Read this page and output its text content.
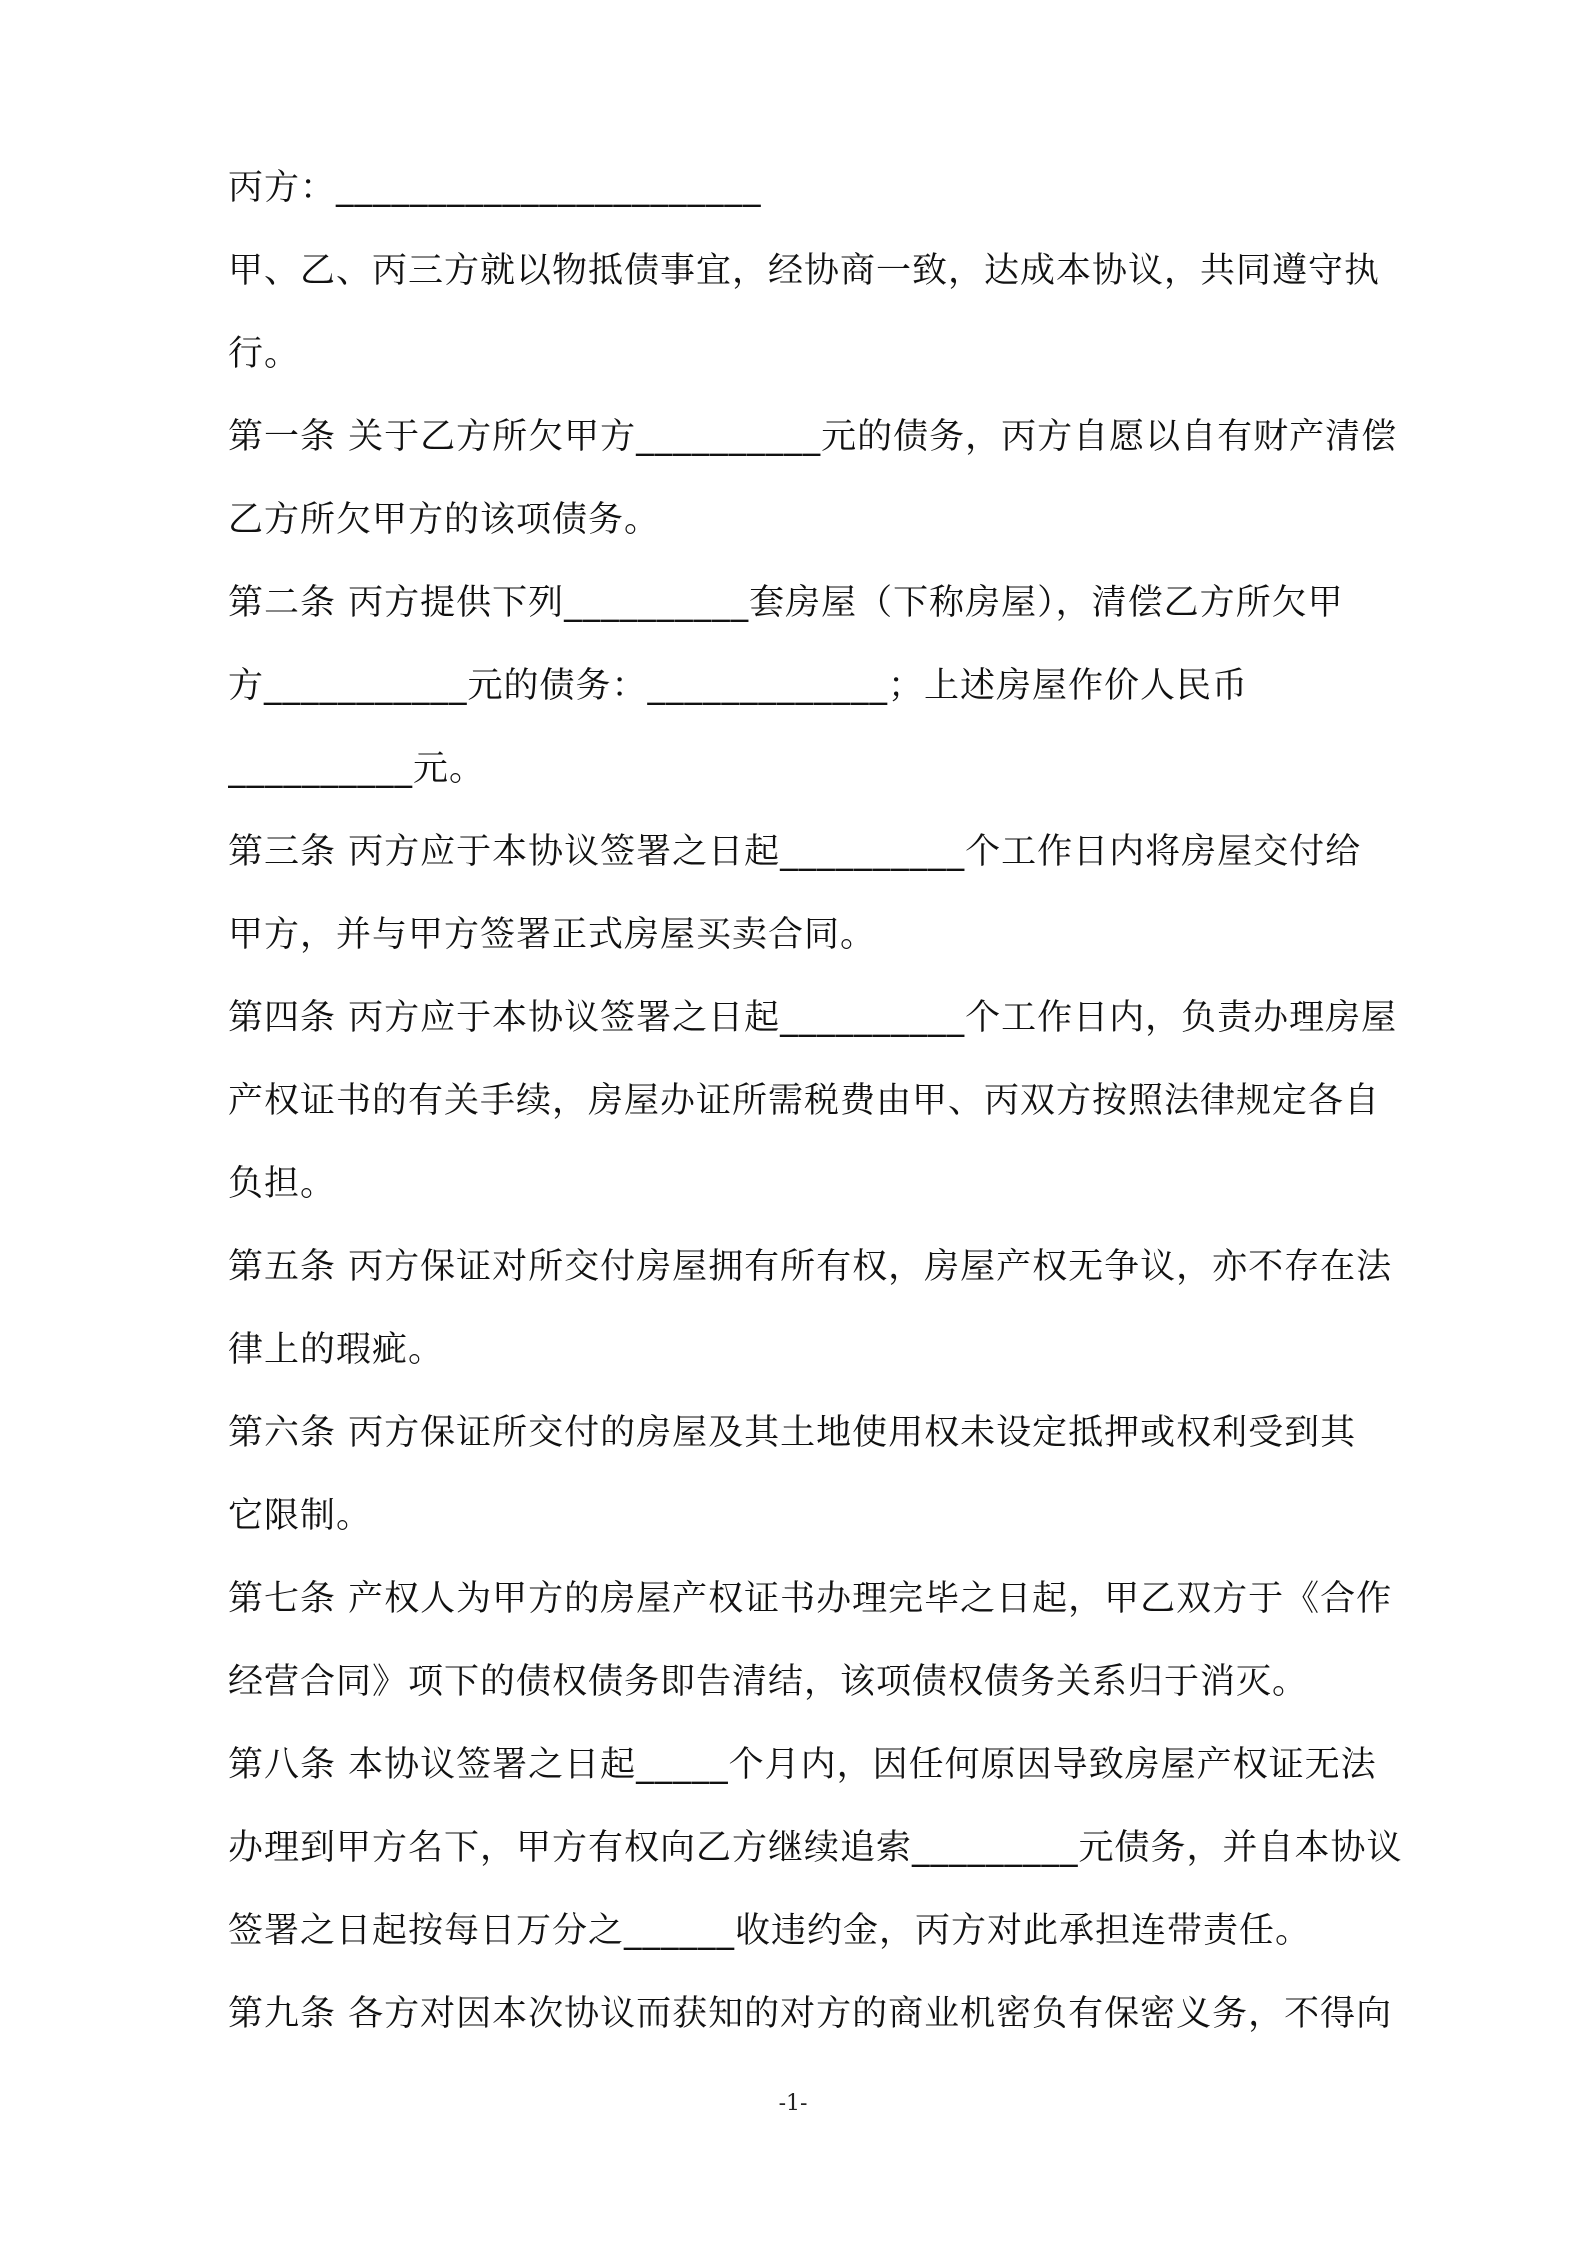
丙方：_______________________
甲、乙、丙三方就以物抵债事宜，经协商一致，达成本协议，共同遵守执
行。
第一条 关于乙方所欠甲方__________元的债务，丙方自愿以自有财产清偿
乙方所欠甲方的该项债务。
第二条 丙方提供下列__________套房屋（下称房屋），清偿乙方所欠甲
方___________元的债务：_____________；上述房屋作价人民币
__________元。
第三条 丙方应于本协议签署之日起__________个工作日内将房屋交付给
甲方，并与甲方签署正式房屋买卖合同。
第四条 丙方应于本协议签署之日起__________个工作日内，负责办理房屋
产权证书的有关手续，房屋办证所需税费由甲、丙双方按照法律规定各自
负担。
第五条 丙方保证对所交付房屋拥有所有权，房屋产权无争议，亦不存在法
律上的瑕疵。
第六条 丙方保证所交付的房屋及其土地使用权未设定抵押或权利受到其
它限制。
第七条 产权人为甲方的房屋产权证书办理完毕之日起，甲乙双方于《合作
经营合同》项下的债权债务即告清结，该项债权债务关系归于消灭。
第八条 本协议签署之日起_____个月内，因任何原因导致房屋产权证无法
办理到甲方名下，甲方有权向乙方继续追索_________元债务，并自本协议
签署之日起按每日万分之______收违约金，丙方对此承担连带责任。
第九条 各方对因本次协议而获知的对方的商业机密负有保密义务，不得向
-1-
